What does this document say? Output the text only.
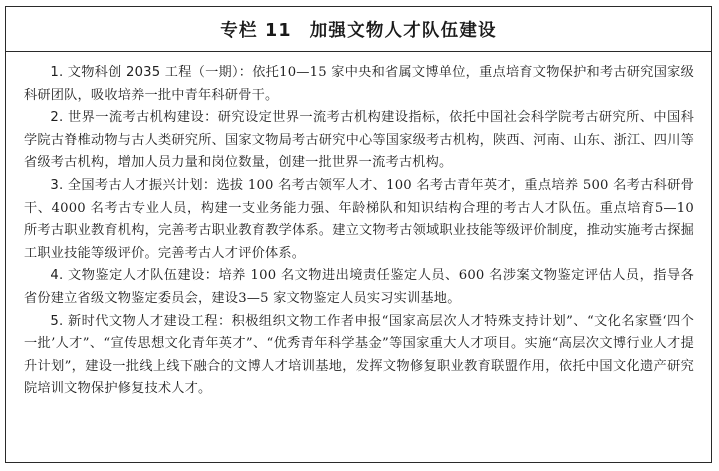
专栏 11 加强文物人才队伍建设

1. 文物科创 2035 工程（一期）：依托10—15 家中央和省属文博单位，重点培育文物保护和考古研究国家级科研团队，吸收培养一批中青年科研骨干。

2. 世界一流考古机构建设：研究设定世界一流考古机构建设指标，依托中国社会科学院考古研究所、中国科学院古脊椎动物与古人类研究所、国家文物局考古研究中心等国家级考古机构，陕西、河南、山东、浙江、四川等省级考古机构，增加人员力量和岗位数量，创建一批世界一流考古机构。

3. 全国考古人才振兴计划：选拔 100 名考古领军人才、100 名考古青年英才，重点培养 500 名考古科研骨干、4000 名考古专业人员，构建一支业务能力强、年龄梯队和知识结构合理的考古人才队伍。重点培育5—10 所考古职业教育机构，完善考古职业教育教学体系。建立文物考古领域职业技能等级评价制度，推动实施考古探掘工职业技能等级评价。完善考古人才评价体系。

4. 文物鉴定人才队伍建设：培养 100 名文物进出境责任鉴定人员、600 名涉案文物鉴定评估人员，指导各省份建立省级文物鉴定委员会，建设3—5 家文物鉴定人员实习实训基地。

5. 新时代文物人才建设工程：积极组织文物工作者申报“国家高层次人才特殊支持计划”、“文化名家暨‘四个一批’人才”、“宣传思想文化青年英才”、“优秀青年科学基金”等国家重大人才项目。实施“高层次文博行业人才提升计划”，建设一批线上线下融合的文博人才培训基地，发挥文物修复职业教育联盟作用，依托中国文化遗产研究院培训文物保护修复技术人才。
